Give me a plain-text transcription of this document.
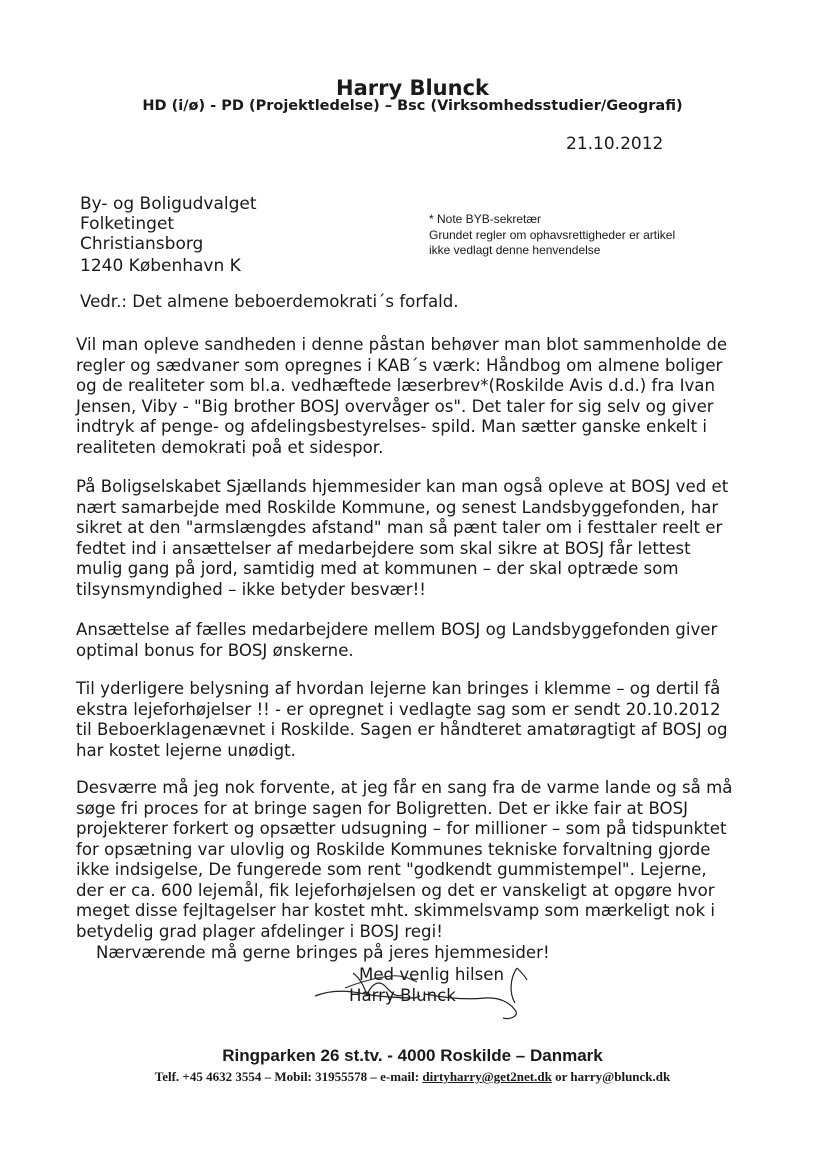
Harry Blunck
HD (i/ø) - PD (Projektledelse) – Bsc (Virksomhedsstudier/Geografi)
21.10.2012
By- og Boligudvalget
Folketinget
Christiansborg
1240 København K
* Note BYB-sekretær
Grundet regler om ophavsrettigheder er artikel
ikke vedlagt denne henvendelse
Vedr.: Det almene beboerdemokrati´s forfald.
Vil man opleve sandheden i denne påstan behøver man blot sammenholde de
regler og sædvaner som opregnes i KAB´s værk: Håndbog om almene boliger
og de realiteter som bl.a. vedhæftede læserbrev*(Roskilde Avis d.d.) fra Ivan
Jensen, Viby - "Big brother BOSJ overvåger os". Det taler for sig selv og giver
indtryk af penge- og afdelingsbestyrelses- spild. Man sætter ganske enkelt i
realiteten demokrati poå et sidespor.
På Boligselskabet Sjællands hjemmesider kan man også opleve at BOSJ ved et
nært samarbejde med Roskilde Kommune, og senest Landsbyggefonden, har
sikret at den "armslængdes afstand" man så pænt taler om i festtaler reelt er
fedtet ind i ansættelser af medarbejdere som skal sikre at BOSJ får lettest
mulig gang på jord, samtidig med at kommunen – der skal optræde som
tilsynsmyndighed – ikke betyder besvær!!
Ansættelse af fælles medarbejdere mellem BOSJ og Landsbyggefonden giver
optimal bonus for BOSJ ønskerne.
Til yderligere belysning af hvordan lejerne kan bringes i klemme – og dertil få
ekstra lejeforhøjelser !! - er opregnet i vedlagte sag som er sendt 20.10.2012
til Beboerklagenævnet i Roskilde. Sagen er håndteret amatøragtigt af BOSJ og
har kostet lejerne unødigt.
Desværre må jeg nok forvente, at jeg får en sang fra de varme lande og så må
søge fri proces for at bringe sagen for Boligretten. Det er ikke fair at BOSJ
projekterer forkert og opsætter udsugning – for millioner – som på tidspunktet
for opsætning var ulovlig og Roskilde Kommunes tekniske forvaltning gjorde
ikke indsigelse, De fungerede som rent "godkendt gummistempel". Lejerne,
der er ca. 600 lejemål, fik lejeforhøjelsen og det er vanskeligt at opgøre hvor
meget disse fejltagelser har kostet mht. skimmelsvamp som mærkeligt nok i
betydelig grad plager afdelinger i BOSJ regi!
Nærværende må gerne bringes på jeres hjemmesider!
Med venlig hilsen
Harry Blunck
Ringparken 26 st.tv. - 4000 Roskilde – Danmark
Telf. +45 4632 3554 – Mobil: 31955578 – e-mail: dirtyharry@get2net.dk or harry@blunck.dk
